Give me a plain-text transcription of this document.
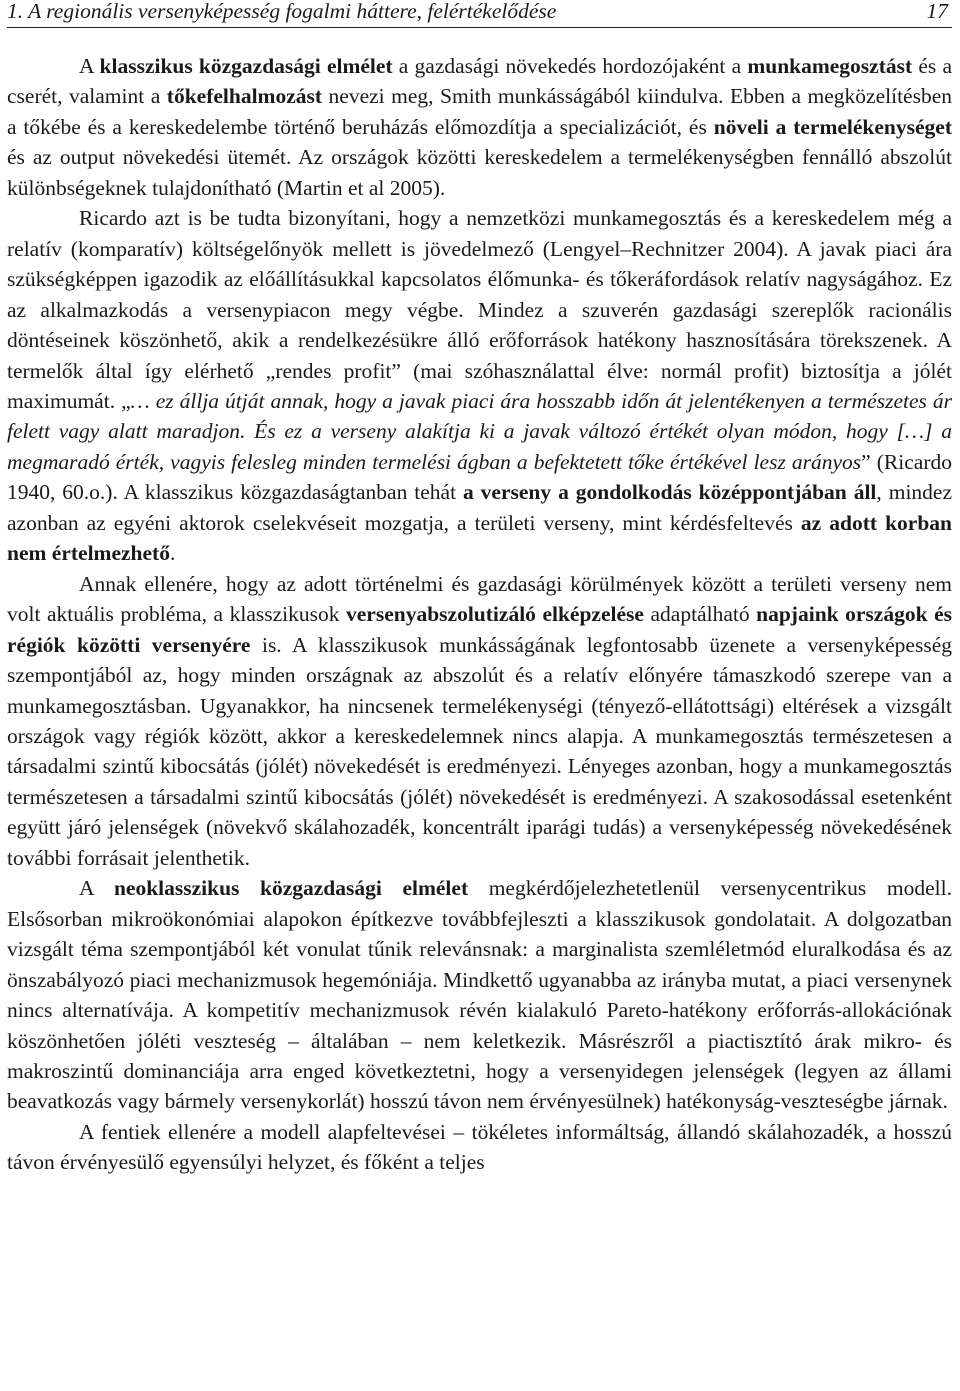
1. A regionális versenyképesség fogalmi háttere, felértékelődése	17

A klasszikus közgazdasági elmélet a gazdasági növekedés hordozójaként a munkamegosztást és a cserét, valamint a tőkefelhalmozást nevezi meg, Smith munkásságából kiindulva. Ebben a megközelítésben a tőkébe és a kereskedelembe történő beruházás előmozdítja a specializációt, és növeli a termelékenységet és az output növekedési ütemét. Az országok közötti kereskedelem a termelékenységben fennálló abszolút különbségeknek tulajdonítható (Martin et al 2005).

Ricardo azt is be tudta bizonyítani, hogy a nemzetközi munkamegosztás és a kereskedelem még a relatív (komparatív) költségelőnyök mellett is jövedelmező (Lengyel–Rechnitzer 2004). A javak piaci ára szükségképpen igazodik az előállításukkal kapcsolatos élőmunka- és tőkeráfordások relatív nagyságához. Ez az alkalmazkodás a versenypiacon megy végbe. Mindez a szuverén gazdasági szereplők racionális döntéseinek köszönhető, akik a rendelkezésükre álló erőforrások hatékony hasznosítására törekszenek. A termelők által így elérhető „rendes profit” (mai szóhasználattal élve: normál profit) biztosítja a jólét maximumát. „… ez állja útját annak, hogy a javak piaci ára hosszabb időn át jelentékenyen a természetes ár felett vagy alatt maradjon. És ez a verseny alakítja ki a javak változó értékét olyan módon, hogy […] a megmaradó érték, vagyis felesleg minden termelési ágban a befektetett tőke értékével lesz arányos” (Ricardo 1940, 60.o.). A klasszikus közgazdaságtanban tehát a verseny a gondolkodás középpontjában áll, mindez azonban az egyéni aktorok cselekvéseit mozgatja, a területi verseny, mint kérdésfeltevés az adott korban nem értelmezhető.

Annak ellenére, hogy az adott történelmi és gazdasági körülmények között a területi verseny nem volt aktuális probléma, a klasszikusok versenyabszolutizáló elképzelése adaptálható napjaink országok és régiók közötti versenyére is. A klasszikusok munkásságának legfontosabb üzenete a versenyképesség szempontjából az, hogy minden országnak az abszolút és a relatív előnyére támaszkodó szerepe van a munkamegosztásban. Ugyanakkor, ha nincsenek termelékenységi (tényező-ellátottsági) eltérések a vizsgált országok vagy régiók között, akkor a kereskedelemnek nincs alapja. A munkamegosztás természetesen a társadalmi szintű kibocsátás (jólét) növekedését is eredményezi. Lényeges azonban, hogy a munkamegosztás természetesen a társadalmi szintű kibocsátás (jólét) növekedését is eredményezi. A szakosodással esetenként együtt járó jelenségek (növekvő skálahozadék, koncentrált iparági tudás) a versenyképesség növekedésének további forrásait jelenthetik.

A neoklasszikus közgazdasági elmélet megkérdőjelezhetetlenül versenycentrikus modell. Elsősorban mikroökonómiai alapokon építkezve továbbfejleszti a klasszikusok gondolatait. A dolgozatban vizsgált téma szempontjából két vonulat tűnik relevánsnak: a marginalista szemléletmód eluralkodása és az önszabályozó piaci mechanizmusok hegemóniája. Mindkettő ugyanabba az irányba mutat, a piaci versenynek nincs alternatívája. A kompetitív mechanizmusok révén kialakuló Pareto-hatékony erőforrás-allokációnak köszönhetően jóléti veszteség – általában – nem keletkezik. Másrészről a piactisztító árak mikro- és makroszintű dominanciája arra enged következtetni, hogy a versenyidegen jelenségek (legyen az állami beavatkozás vagy bármely versenykorlát) hosszú távon nem érvényesülnek) hatékonyság-veszteségbe járnak.

A fentiek ellenére a modell alapfeltevései – tökéletes informáltság, állandó skálahozadék, a hosszú távon érvényesülő egyensúlyi helyzet, és főként a teljes
